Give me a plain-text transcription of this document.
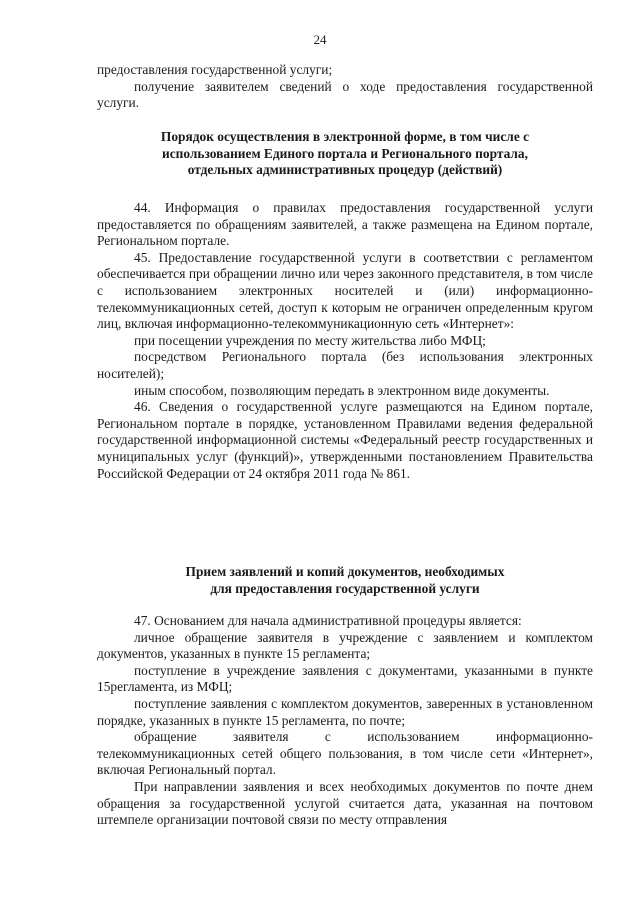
24

предоставления государственной услуги;

получение заявителем сведений о ходе предоставления государственной услуги.

Порядок осуществления в электронной форме, в том числе с
использованием Единого портала и Регионального портала,
отдельных административных процедур (действий)

44. Информация о правилах предоставления государственной услуги предоставляется по обращениям заявителей, а также размещена на Едином портале, Региональном портале.

45. Предоставление государственной услуги в соответствии с регламентом обеспечивается при обращении лично или через законного представителя, в том числе с использованием электронных носителей и (или) информационно-телекоммуникационных сетей, доступ к которым не ограничен определенным кругом лиц, включая информационно-телекоммуникационную сеть «Интернет»:

при посещении учреждения по месту жительства либо МФЦ;

посредством Регионального портала (без использования электронных носителей);

иным способом, позволяющим передать в электронном виде документы.

46. Сведения о государственной услуге размещаются на Едином портале, Региональном портале в порядке, установленном Правилами ведения федеральной государственной информационной системы «Федеральный реестр государственных и муниципальных услуг (функций)», утвержденными постановлением Правительства Российской Федерации от 24 октября 2011 года № 861.

Прием заявлений и копий документов, необходимых
для предоставления государственной услуги

47. Основанием для начала административной процедуры является:

личное обращение заявителя в учреждение с заявлением и комплектом документов, указанных в пункте 15 регламента;

поступление в учреждение заявления с документами, указанными в пункте 15регламента, из МФЦ;

поступление заявления с комплектом документов, заверенных в установленном порядке, указанных в пункте 15 регламента, по почте;

обращение заявителя с использованием информационно-телекоммуникационных сетей общего пользования, в том числе сети «Интернет», включая Региональный портал.

При направлении заявления и всех необходимых документов по почте днем обращения за государственной услугой считается дата, указанная на почтовом штемпеле организации почтовой связи по месту отправления
